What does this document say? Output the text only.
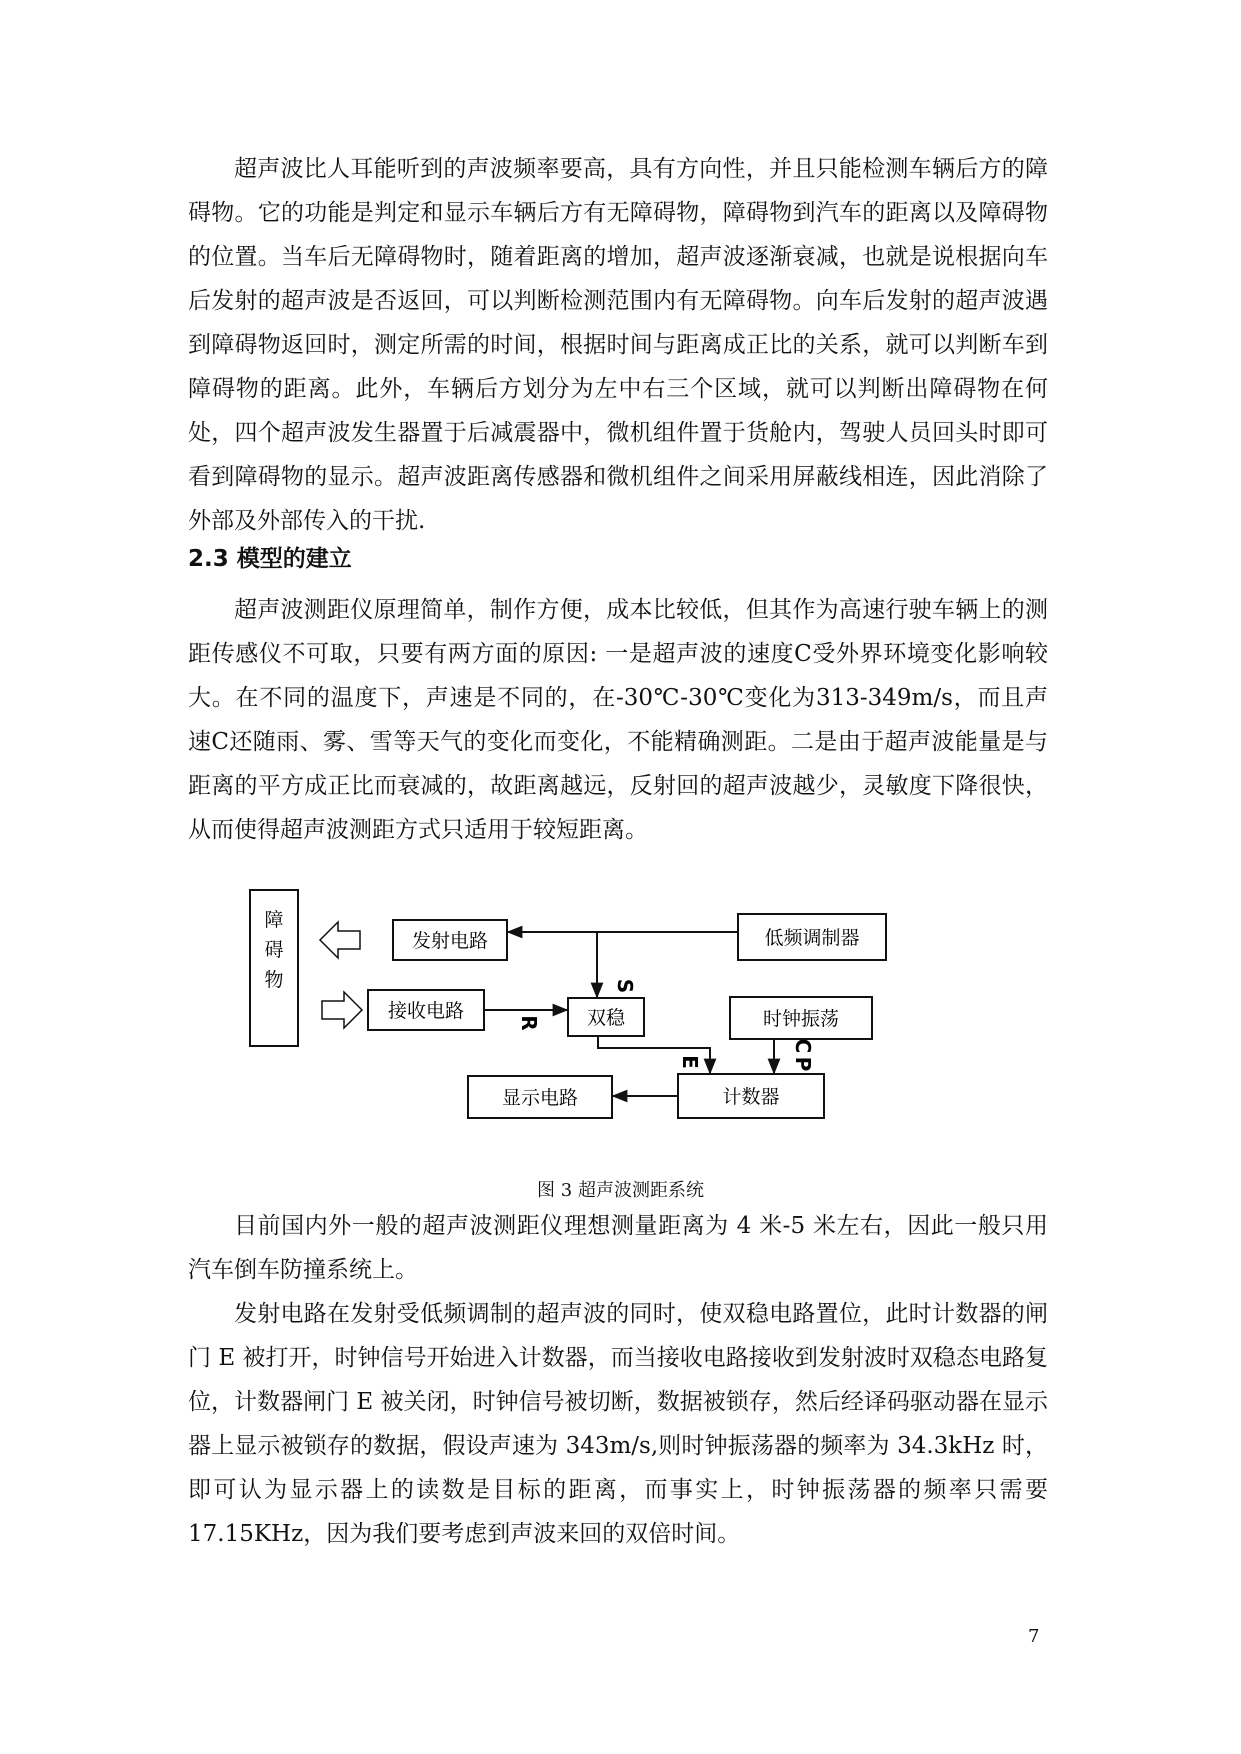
超声波比人耳能听到的声波频率要高，具有方向性，并且只能检测车辆后方的障碍物。它的功能是判定和显示车辆后方有无障碍物，障碍物到汽车的距离以及障碍物的位置。当车后无障碍物时，随着距离的增加，超声波逐渐衰减，也就是说根据向车后发射的超声波是否返回，可以判断检测范围内有无障碍物。向车后发射的超声波遇到障碍物返回时，测定所需的时间，根据时间与距离成正比的关系，就可以判断车到障碍物的距离。此外，车辆后方划分为左中右三个区域，就可以判断出障碍物在何处，四个超声波发生器置于后减震器中，微机组件置于货舱内，驾驶人员回头时即可看到障碍物的显示。超声波距离传感器和微机组件之间采用屏蔽线相连，因此消除了外部及外部传入的干扰.

2.3 模型的建立

超声波测距仪原理简单，制作方便，成本比较低，但其作为高速行驶车辆上的测距传感仪不可取，只要有两方面的原因: 一是超声波的速度C受外界环境变化影响较大。在不同的温度下，声速是不同的，在-30℃-30℃变化为313-349m/s，而且声速C还随雨、雾、雪等天气的变化而变化，不能精确测距。二是由于超声波能量是与距离的平方成正比而衰减的，故距离越远，反射回的超声波越少，灵敏度下降很快，从而使得超声波测距方式只适用于较短距离。

障
碍
物
发射电路	低频调制器
接收电路	双稳	时钟振荡
显示电路	计数器
S
R
E
C
P
图 3 超声波测距系统

目前国内外一般的超声波测距仪理想测量距离为 4 米-5 米左右，因此一般只用汽车倒车防撞系统上。

发射电路在发射受低频调制的超声波的同时，使双稳电路置位，此时计数器的闸门 E 被打开，时钟信号开始进入计数器，而当接收电路接收到发射波时双稳态电路复位，计数器闸门 E 被关闭，时钟信号被切断，数据被锁存，然后经译码驱动器在显示器上显示被锁存的数据，假设声速为 343m/s,则时钟振荡器的频率为 34.3kHz 时，即可认为显示器上的读数是目标的距离，而事实上，时钟振荡器的频率只需要 17.15KHz，因为我们要考虑到声波来回的双倍时间。

7
